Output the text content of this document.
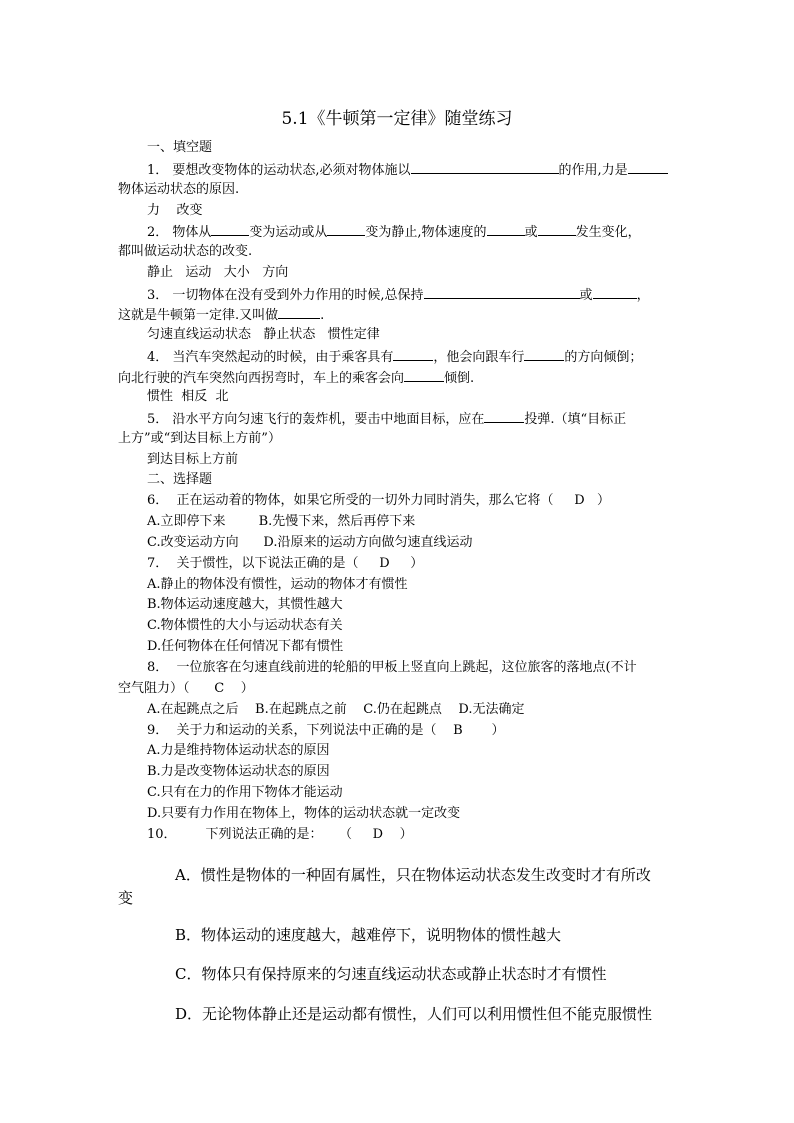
5.1《牛顿第一定律》随堂练习
一、填空题
1． 要想改变物体的运动状态,必须对物体施以	的作用,力是
物体运动状态的原因.
力    改变
2． 物体从	变为运动或从	变为静止,物体速度的	或	发生变化，
都叫做运动状态的改变.
静止   运动   大小   方向
3． 一切物体在没有受到外力作用的时候,总保持	或	，
这就是牛顿第一定律.又叫做	.
匀速直线运动状态   静止状态   惯性定律
4． 当汽车突然起动的时候，由于乘客具有	，他会向跟车行	的方向倾倒；
向北行驶的汽车突然向西拐弯时，车上的乘客会向	倾倒.
惯性  相反  北
5． 沿水平方向匀速飞行的轰炸机，要击中地面目标，应在	投弹.（填“目标正
上方”或“到达目标上方前”）
到达目标上方前
二、选择题
6．  正在运动着的物体，如果它所受的一切外力同时消失，那么它将（     D   ）
A.立即停下来        B.先慢下来，然后再停下来
C.改变运动方向      D.沿原来的运动方向做匀速直线运动
7．  关于惯性，以下说法正确的是（     D     ）
A.静止的物体没有惯性，运动的物体才有惯性
B.物体运动速度越大，其惯性越大
C.物体惯性的大小与运动状态有关
D.任何物体在任何情况下都有惯性
8．  一位旅客在匀速直线前进的轮船的甲板上竖直向上跳起，这位旅客的落地点(不计
空气阻力）（      C    ）
A.在起跳点之后    B.在起跳点之前    C.仍在起跳点    D.无法确定
9．  关于力和运动的关系，下列说法中正确的是（    B       ）
A.力是维持物体运动状态的原因
B.力是改变物体运动状态的原因
C.只有在力的作用下物体才能运动
D.只要有力作用在物体上，物体的运动状态就一定改变
10．       下列说法正确的是：    （     D    ）
A．惯性是物体的一种固有属性，只在物体运动状态发生改变时才有所改
变
B．物体运动的速度越大，越难停下，说明物体的惯性越大
C．物体只有保持原来的匀速直线运动状态或静止状态时才有惯性
D．无论物体静止还是运动都有惯性，人们可以利用惯性但不能克服惯性
